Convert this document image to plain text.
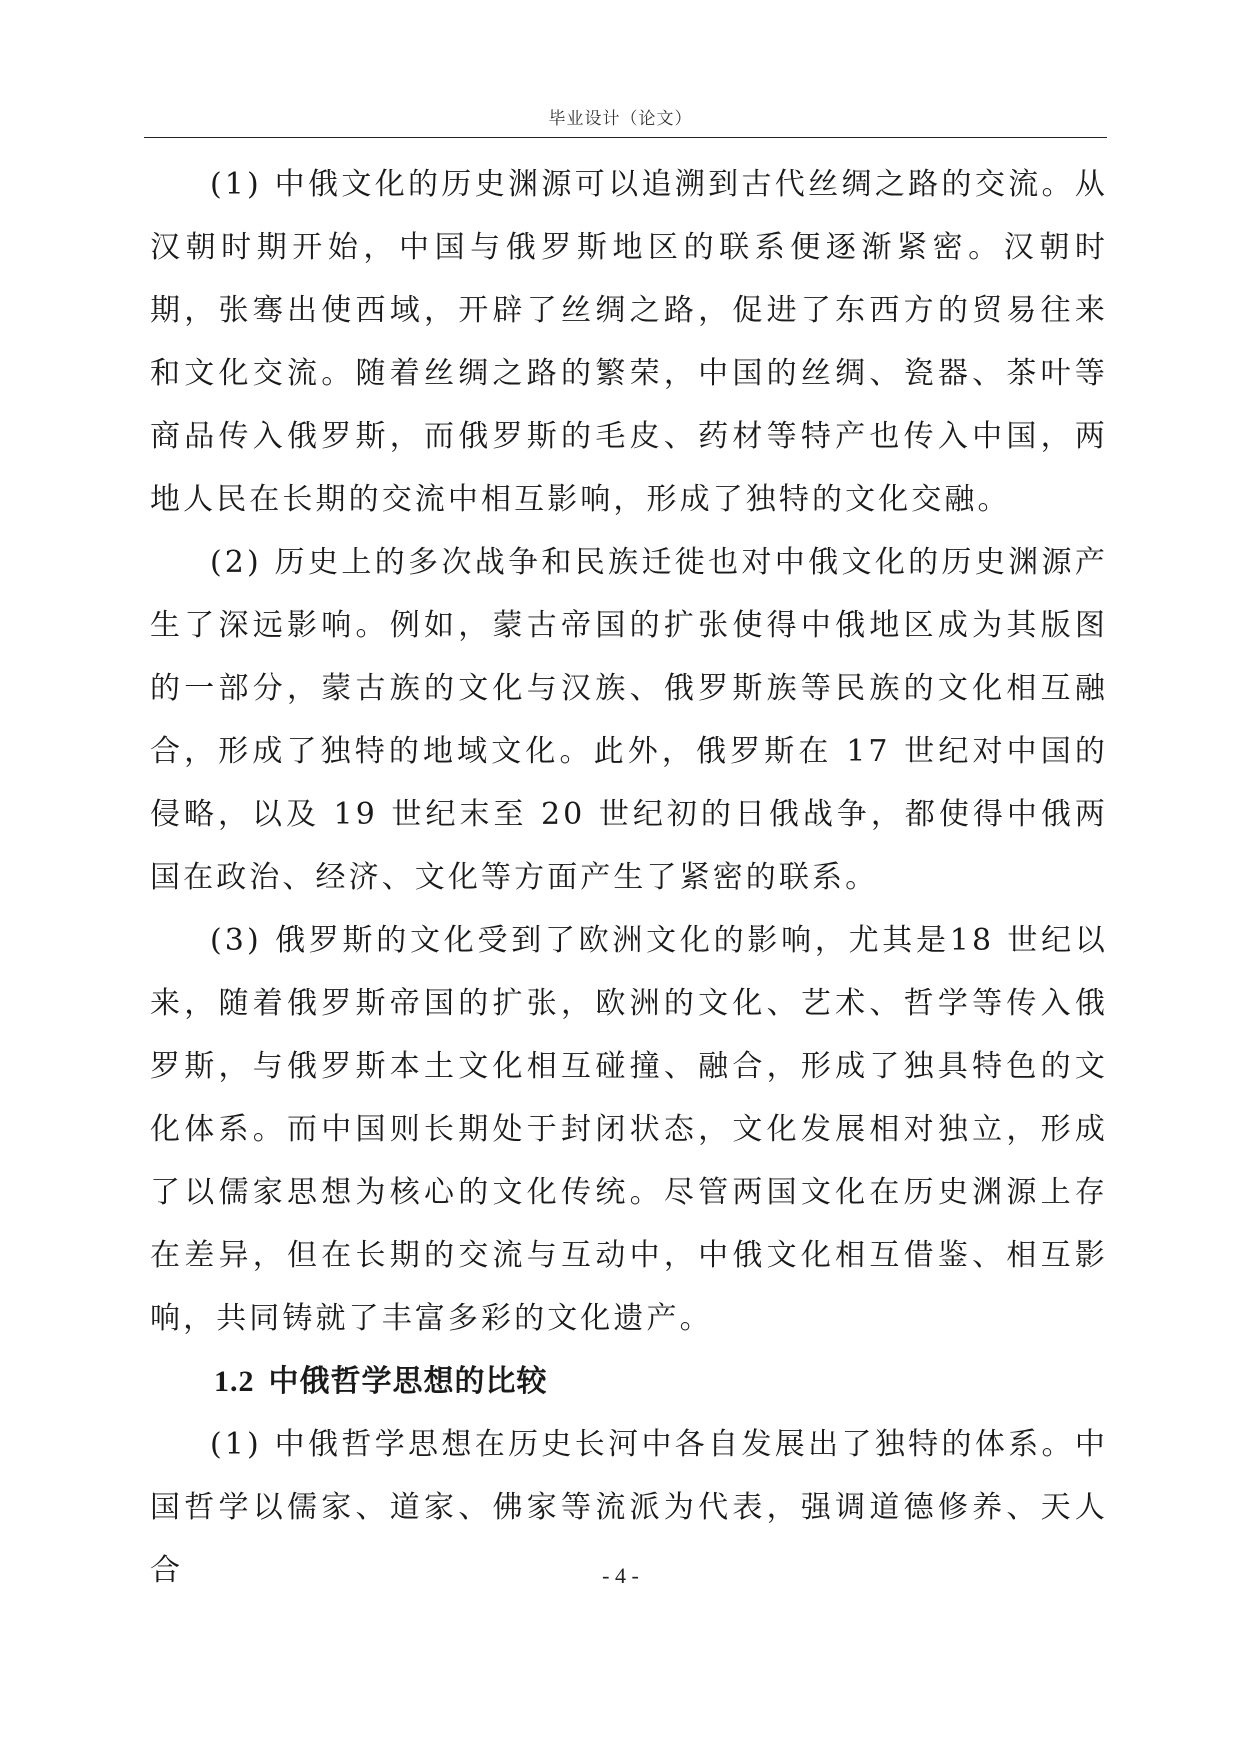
毕业设计（论文）

(1) 中俄文化的历史渊源可以追溯到古代丝绸之路的交流。从汉朝时期开始，中国与俄罗斯地区的联系便逐渐紧密。汉朝时期，张骞出使西域，开辟了丝绸之路，促进了东西方的贸易往来和文化交流。随着丝绸之路的繁荣，中国的丝绸、瓷器、茶叶等商品传入俄罗斯，而俄罗斯的毛皮、药材等特产也传入中国，两地人民在长期的交流中相互影响，形成了独特的文化交融。

(2) 历史上的多次战争和民族迁徙也对中俄文化的历史渊源产生了深远影响。例如，蒙古帝国的扩张使得中俄地区成为其版图的一部分，蒙古族的文化与汉族、俄罗斯族等民族的文化相互融合，形成了独特的地域文化。此外，俄罗斯在 17 世纪对中国的侵略，以及 19 世纪末至 20 世纪初的日俄战争，都使得中俄两国在政治、经济、文化等方面产生了紧密的联系。

(3) 俄罗斯的文化受到了欧洲文化的影响，尤其是18 世纪以来，随着俄罗斯帝国的扩张，欧洲的文化、艺术、哲学等传入俄罗斯，与俄罗斯本土文化相互碰撞、融合，形成了独具特色的文化体系。而中国则长期处于封闭状态，文化发展相对独立，形成了以儒家思想为核心的文化传统。尽管两国文化在历史渊源上存在差异，但在长期的交流与互动中，中俄文化相互借鉴、相互影响，共同铸就了丰富多彩的文化遗产。

1.2 中俄哲学思想的比较

(1) 中俄哲学思想在历史长河中各自发展出了独特的体系。中国哲学以儒家、道家、佛家等流派为代表，强调道德修养、天人合	- 4 -
